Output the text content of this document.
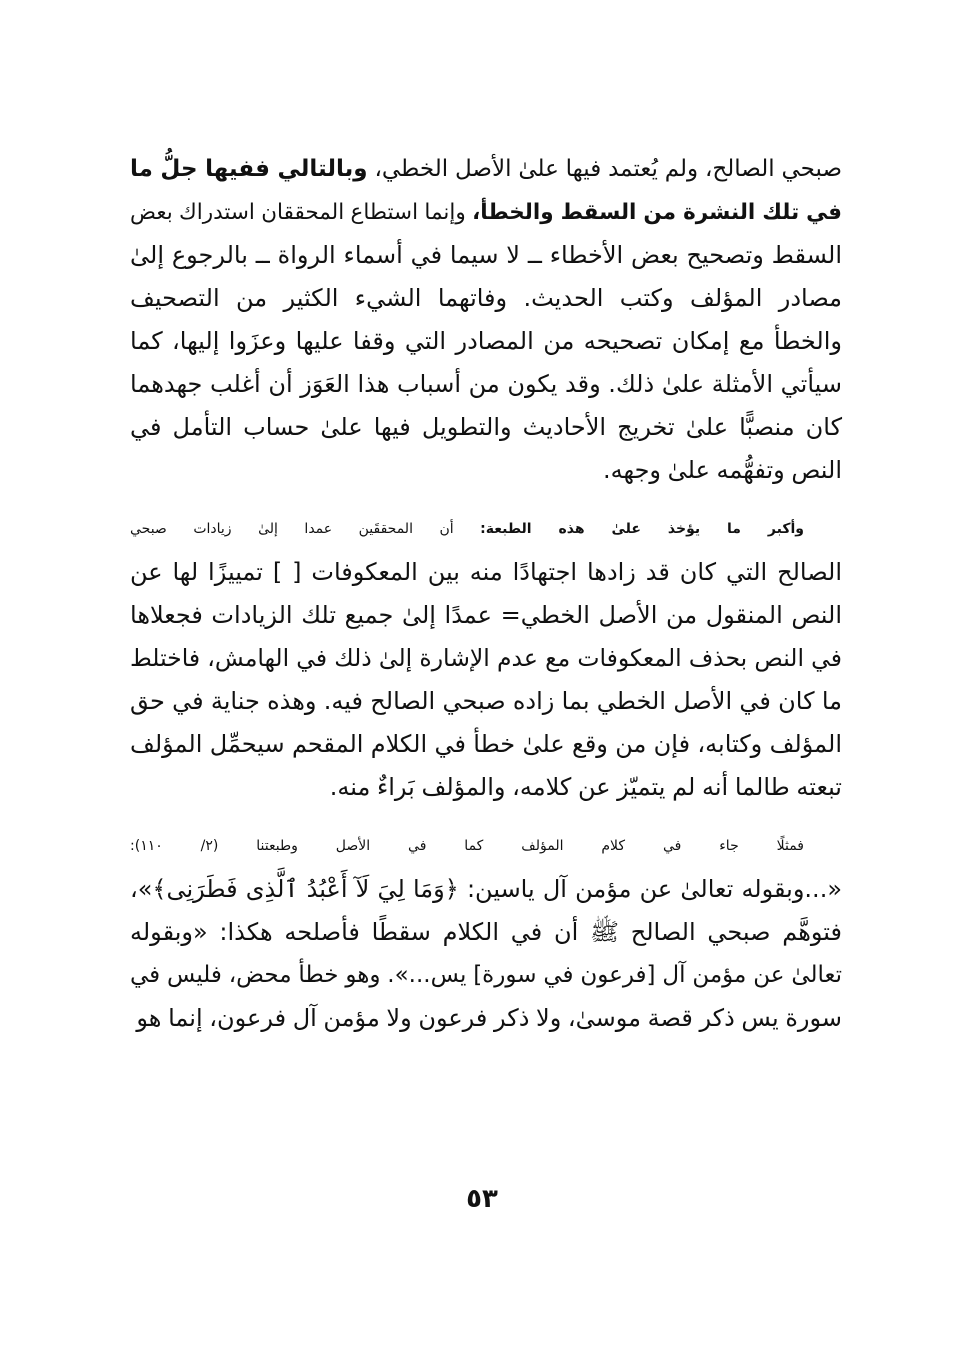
صبحي الصالح، ولم يُعتمد فيها علىٰ الأصل الخطي، وبالتالي ففيها جلُّ ما
في تلك النشرة من السقط والخطأ، وإنما استطاع المحققان استدراك بعض
السقط وتصحيح بعض الأخطاء ــ لا سيما في أسماء الرواة ــ بالرجوع إلىٰ
مصادر المؤلف وكتب الحديث. وفاتهما الشيء الكثير من التصحيف
والخطأ مع إمكان تصحيحه من المصادر التي وقفا عليها وعزَوا إليها، كما
سيأتي الأمثلة علىٰ ذلك. وقد يكون من أسباب هذا العَوَز أن أغلب جهدهما
كان منصبًّا علىٰ تخريج الأحاديث والتطويل فيها علىٰ حساب التأمل في
النص وتفهُّمه علىٰ وجهه.

وأكبر ما يؤخذ علىٰ هذه الطبعة: أن المحققَين عمدا إلىٰ زيادات صبحي
الصالح التي كان قد زادها اجتهادًا منه بين المعكوفات [ ] تمييزًا لها عن
النص المنقول من الأصل الخطي= عمدًا إلىٰ جميع تلك الزيادات فجعلاها
في النص بحذف المعكوفات مع عدم الإشارة إلىٰ ذلك في الهامش، فاختلط
ما كان في الأصل الخطي بما زاده صبحي الصالح فيه. وهذه جناية في حق
المؤلف وكتابه، فإن من وقع علىٰ خطأ في الكلام المقحم سيحمِّل المؤلف
تبعته طالما أنه لم يتميّز عن كلامه، والمؤلف بَراءٌ منه.

فمثلًا جاء في كلام المؤلف كما في الأصل وطبعتنا (٢/ ١١٠):
«...وبقوله تعالىٰ عن مؤمن آل ياسين: ﴿وَمَا لِيَ لَآ أَعْبُدُ ٱلَّذِى فَطَرَنِى﴾»،
فتوهَّم صبحي الصالح ﷺ أن في الكلام سقطًا فأصلحه هكذا: «وبقوله
تعالىٰ عن مؤمن آل [فرعون في سورة] يس...». وهو خطأ محض، فليس في
سورة يس ذكر قصة موسىٰ، ولا ذكر فرعون ولا مؤمن آل فرعون، إنما هو

٥٣
